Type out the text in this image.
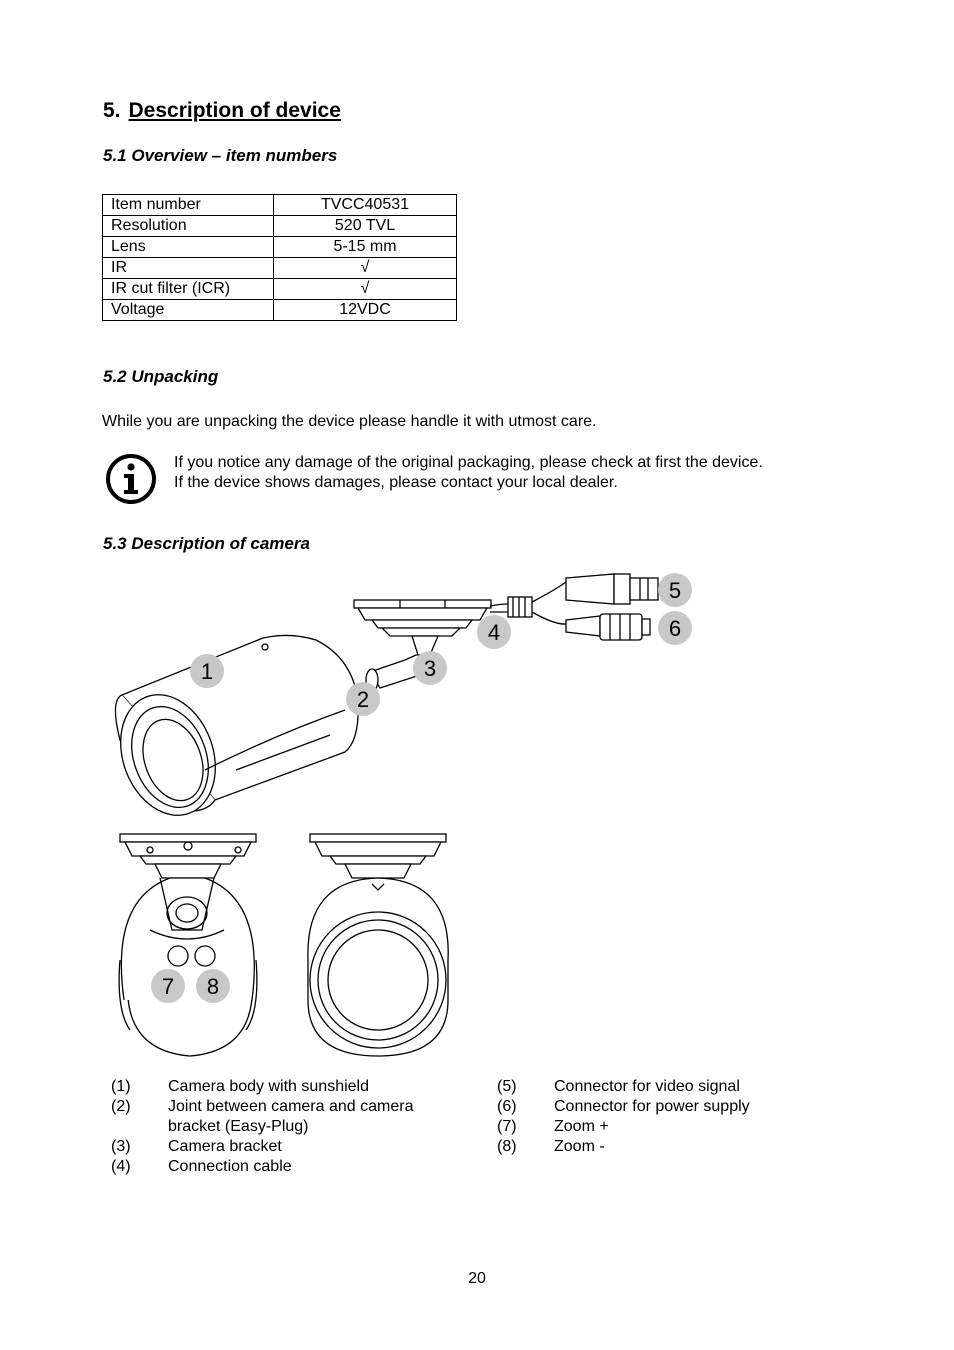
5. Description of device
5.1 Overview – item numbers
Item number	TVCC40531
Resolution	520 TVL
Lens	5-15 mm
IR	√
IR cut filter (ICR)	√
Voltage	12VDC
5.2 Unpacking
While you are unpacking the device please handle it with utmost care.
If you notice any damage of the original packaging, please check at first the device.
If the device shows damages, please contact your local dealer.
5.3 Description of camera
1
2
3
4
5
6
7 8
(1)	Camera body with sunshield
(2)	Joint between camera and camera
bracket (Easy-Plug)
(3)	Camera bracket
(4)	Connection cable
(5)	Connector for video signal
(6)	Connector for power supply
(7)	Zoom +
(8)	Zoom -
20
